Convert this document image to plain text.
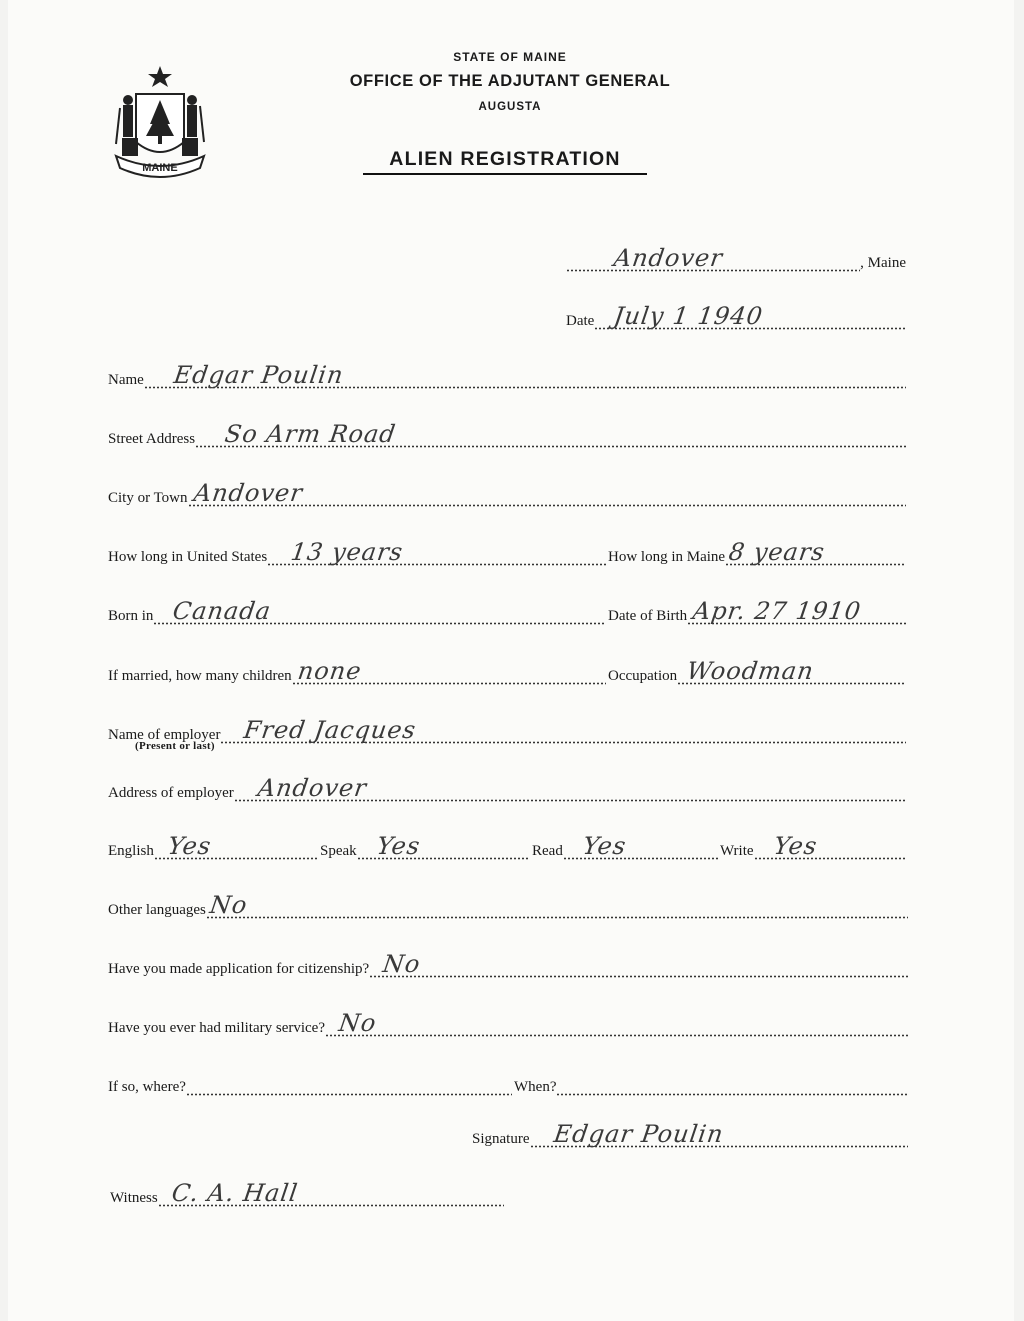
MAINE
STATE OF MAINE
OFFICE OF THE ADJUTANT GENERAL
AUGUSTA
ALIEN REGISTRATION
Andover	, Maine
Date July 1 1940
Name Edgar Poulin
Street Address So Arm Road
City or Town Andover
How long in United States 13 years	How long in Maine 8 years
Born in Canada	Date of Birth Apr. 27 1910
If married, how many children none	Occupation Woodman
Name of employer Fred Jacques
(Present or last)
Address of employer Andover
English Yes	Speak Yes	Read Yes	Write Yes
Other languages No
Have you made application for citizenship? No
Have you ever had military service? No
If so, where?	When?
Signature Edgar Poulin
Witness C. A. Hall
